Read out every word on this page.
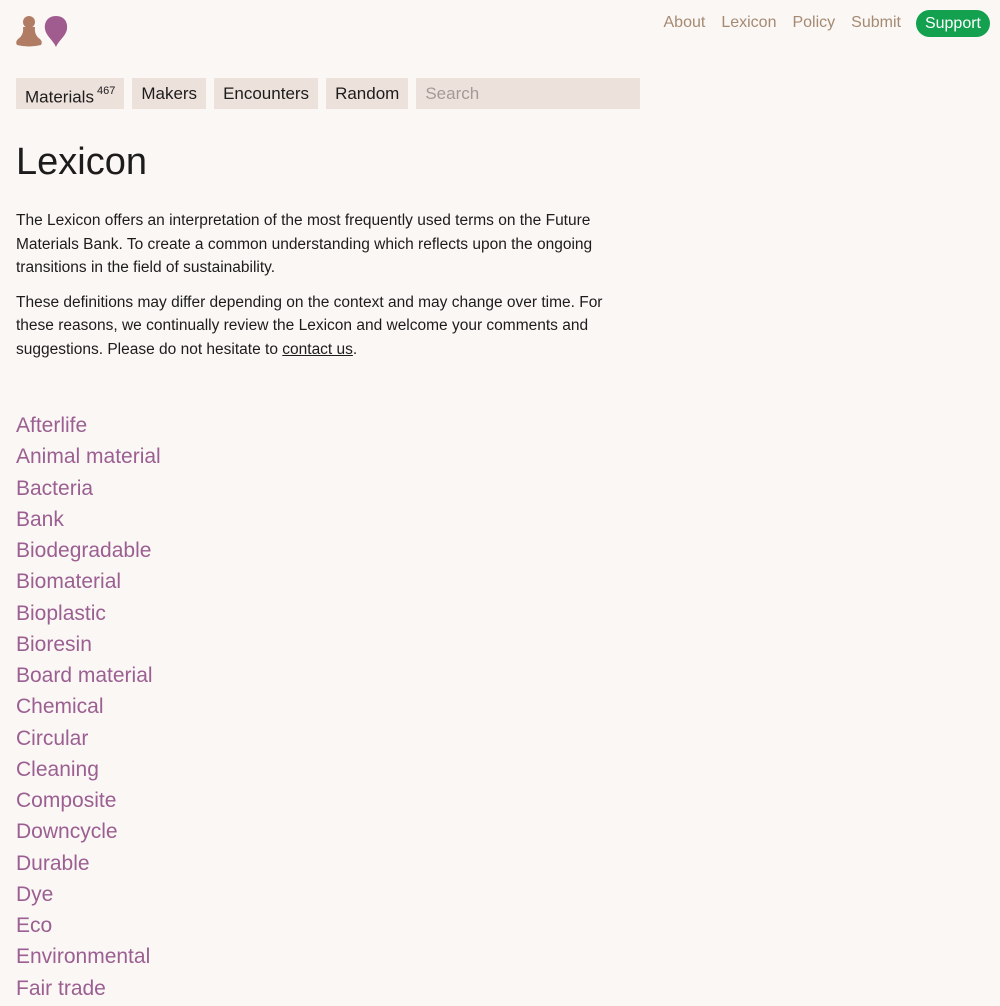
About Lexicon Policy Submit	Support
Materials $^{467}$	Makers	Encounters	Random
Search
Lexicon

The Lexicon offers an interpretation of the most frequently used terms on the Future Materials Bank. To create a common understanding which reflects upon the ongoing transitions in the field of sustainability.

These definitions may differ depending on the context and may change over time. For these reasons, we continually review the Lexicon and welcome your comments and suggestions. Please do not hesitate to contact us.

Afterlife
Animal material
Bacteria
Bank
Biodegradable
Biomaterial
Bioplastic
Bioresin
Board material
Chemical
Circular
Cleaning
Composite
Downcycle
Durable
Dye
Eco
Environmental
Fair trade
